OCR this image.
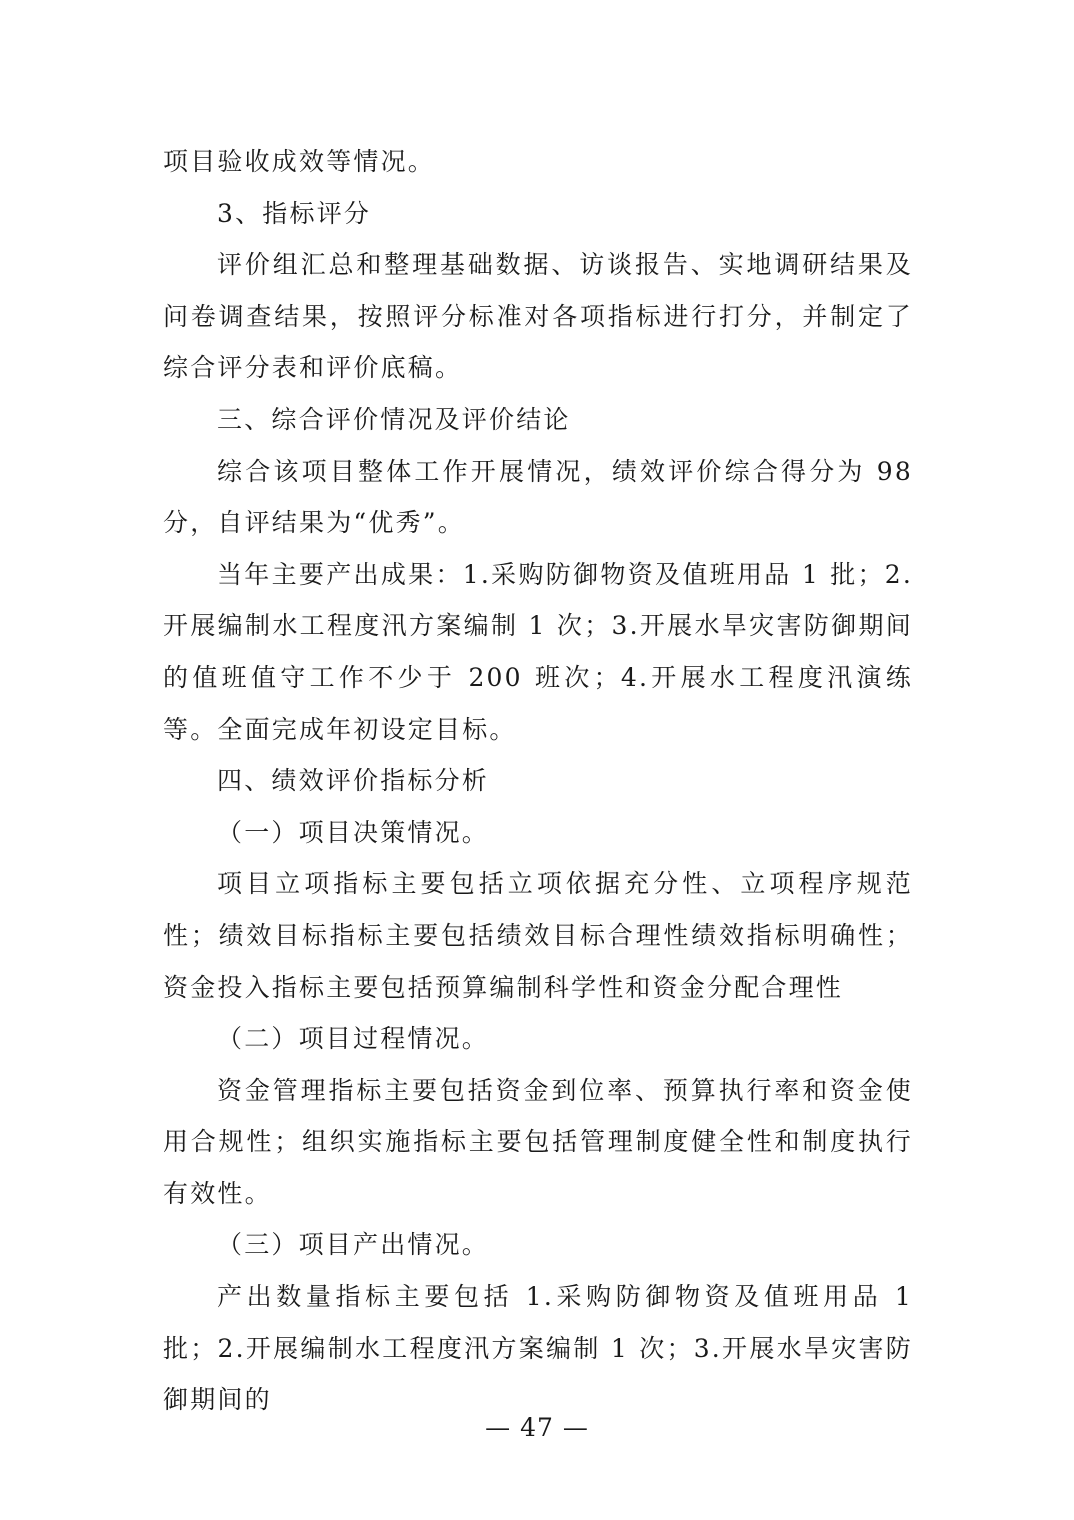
项目验收成效等情况。

3、指标评分

评价组汇总和整理基础数据、访谈报告、实地调研结果及问卷调查结果，按照评分标准对各项指标进行打分，并制定了综合评分表和评价底稿。

三、综合评价情况及评价结论

综合该项目整体工作开展情况，绩效评价综合得分为 98 分，自评结果为“优秀”。

当年主要产出成果：1.采购防御物资及值班用品 1 批；2.开展编制水工程度汛方案编制 1 次；3.开展水旱灾害防御期间的值班值守工作不少于 200 班次；4.开展水工程度汛演练等。全面完成年初设定目标。

四、绩效评价指标分析

（一）项目决策情况。

项目立项指标主要包括立项依据充分性、立项程序规范性；绩效目标指标主要包括绩效目标合理性绩效指标明确性；资金投入指标主要包括预算编制科学性和资金分配合理性

（二）项目过程情况。

资金管理指标主要包括资金到位率、预算执行率和资金使用合规性；组织实施指标主要包括管理制度健全性和制度执行有效性。

（三）项目产出情况。

产出数量指标主要包括 1.采购防御物资及值班用品 1 批；2.开展编制水工程度汛方案编制 1 次；3.开展水旱灾害防御期间的

— 47 —
